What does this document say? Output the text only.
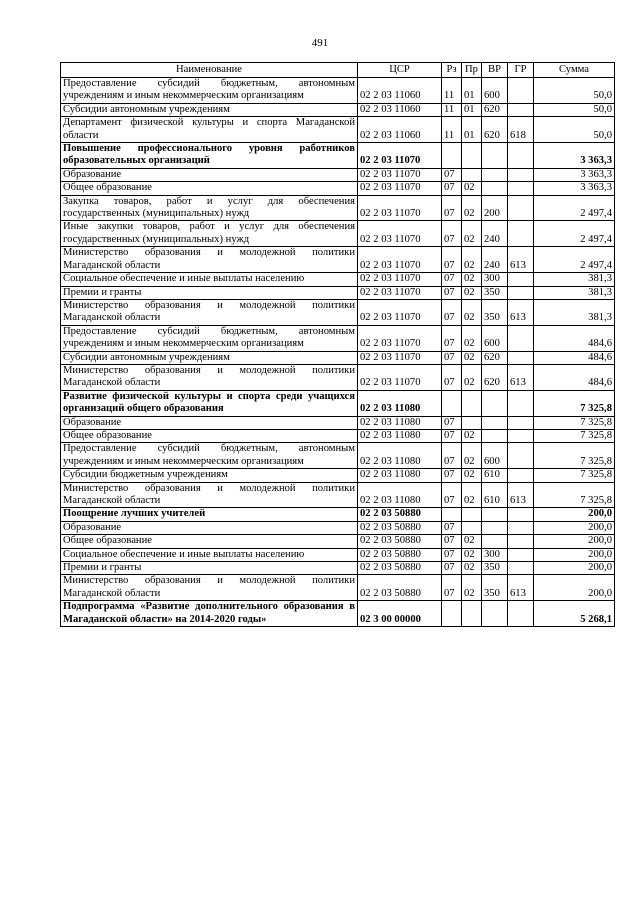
491
Наименование	ЦСР	Рз	Пр	ВР	ГР	Сумма
Предоставление субсидий бюджетным, автономным учреждениям и иным некоммерческим организациям	02 2 03 11060	11	01	600		50,0
Субсидии автономным учреждениям	02 2 03 11060	11	01	620		50,0
Департамент физической культуры и спорта Магаданской области	02 2 03 11060	11	01	620	618	50,0
Повышение профессионального уровня работников образовательных организаций	02 2 03 11070					3 363,3
Образование	02 2 03 11070	07				3 363,3
Общее образование	02 2 03 11070	07	02			3 363,3
Закупка товаров, работ и услуг для обеспечения государственных (муниципальных) нужд	02 2 03 11070	07	02	200		2 497,4
Иные закупки товаров, работ и услуг для обеспечения государственных (муниципальных) нужд	02 2 03 11070	07	02	240		2 497,4
Министерство образования и молодежной политики Магаданской области	02 2 03 11070	07	02	240	613	2 497,4
Социальное обеспечение и иные выплаты населению	02 2 03 11070	07	02	300		381,3
Премии и гранты	02 2 03 11070	07	02	350		381,3
Министерство образования и молодежной политики Магаданской области	02 2 03 11070	07	02	350	613	381,3
Предоставление субсидий бюджетным, автономным учреждениям и иным некоммерческим организациям	02 2 03 11070	07	02	600		484,6
Субсидии автономным учреждениям	02 2 03 11070	07	02	620		484,6
Министерство образования и молодежной политики Магаданской области	02 2 03 11070	07	02	620	613	484,6
Развитие физической культуры и спорта среди учащихся организаций общего образования	02 2 03 11080					7 325,8
Образование	02 2 03 11080	07				7 325,8
Общее образование	02 2 03 11080	07	02			7 325,8
Предоставление субсидий бюджетным, автономным учреждениям и иным некоммерческим организациям	02 2 03 11080	07	02	600		7 325,8
Субсидии бюджетным учреждениям	02 2 03 11080	07	02	610		7 325,8
Министерство образования и молодежной политики Магаданской области	02 2 03 11080	07	02	610	613	7 325,8
Поощрение лучших учителей	02 2 03 50880					200,0
Образование	02 2 03 50880	07				200,0
Общее образование	02 2 03 50880	07	02			200,0
Социальное обеспечение и иные выплаты населению	02 2 03 50880	07	02	300		200,0
Премии и гранты	02 2 03 50880	07	02	350		200,0
Министерство образования и молодежной политики Магаданской области	02 2 03 50880	07	02	350	613	200,0
Подпрограмма «Развитие дополнительного образования в Магаданской области» на 2014-2020 годы»	02 3 00 00000					5 268,1
